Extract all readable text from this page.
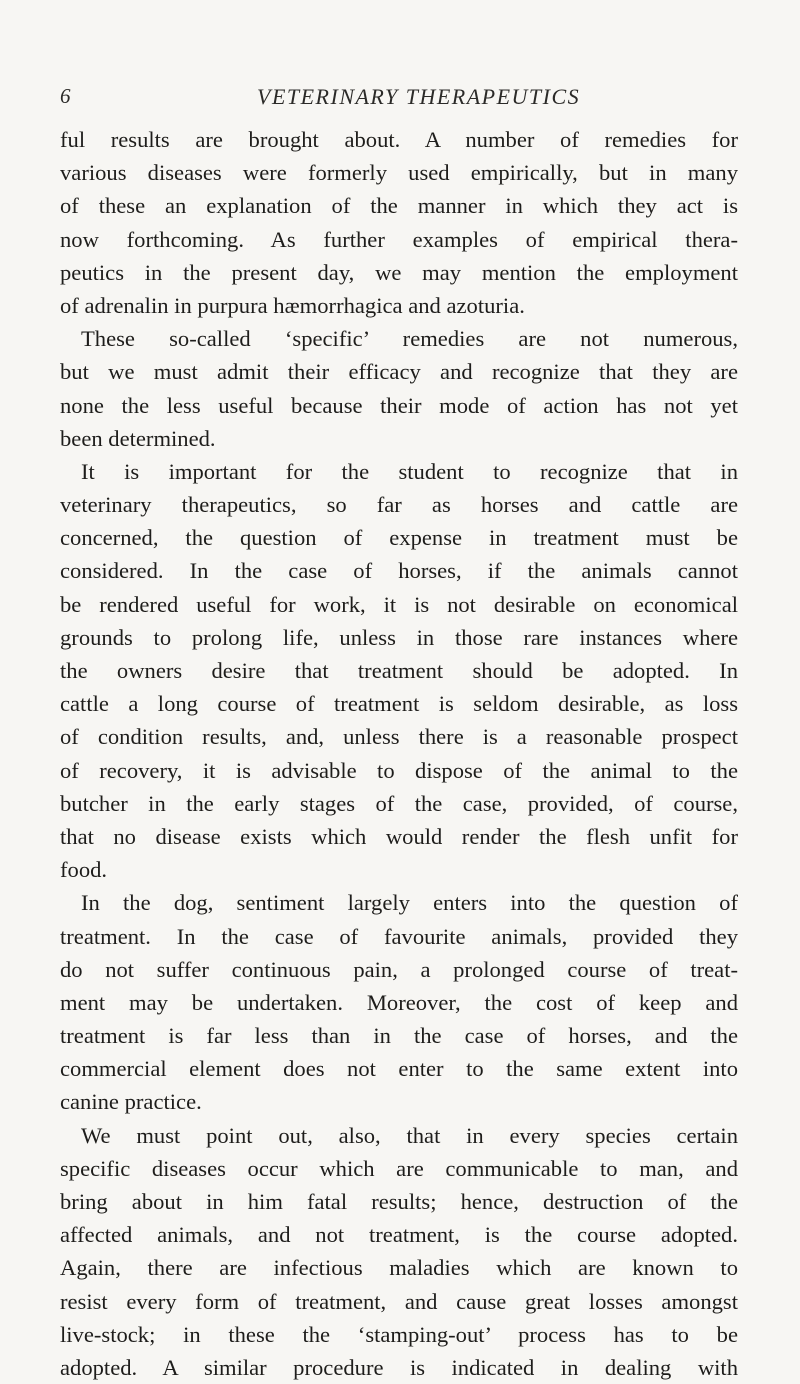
6	VETERINARY THERAPEUTICS
ful results are brought about. A number of remedies for
various diseases were formerly used empirically, but in many
of these an explanation of the manner in which they act is
now forthcoming. As further examples of empirical thera-
peutics in the present day, we may mention the employment
of adrenalin in purpura hæmorrhagica and azoturia.
These so-called ‘specific’ remedies are not numerous,
but we must admit their efficacy and recognize that they are
none the less useful because their mode of action has not yet
been determined.
It is important for the student to recognize that in
veterinary therapeutics, so far as horses and cattle are
concerned, the question of expense in treatment must be
considered. In the case of horses, if the animals cannot
be rendered useful for work, it is not desirable on economical
grounds to prolong life, unless in those rare instances where
the owners desire that treatment should be adopted. In
cattle a long course of treatment is seldom desirable, as loss
of condition results, and, unless there is a reasonable prospect
of recovery, it is advisable to dispose of the animal to the
butcher in the early stages of the case, provided, of course,
that no disease exists which would render the flesh unfit for
food.
In the dog, sentiment largely enters into the question of
treatment. In the case of favourite animals, provided they
do not suffer continuous pain, a prolonged course of treat-
ment may be undertaken. Moreover, the cost of keep and
treatment is far less than in the case of horses, and the
commercial element does not enter to the same extent into
canine practice.
We must point out, also, that in every species certain
specific diseases occur which are communicable to man, and
bring about in him fatal results; hence, destruction of the
affected animals, and not treatment, is the course adopted.
Again, there are infectious maladies which are known to
resist every form of treatment, and cause great losses amongst
live-stock; in these the ‘stamping-out’ process has to be
adopted. A similar procedure is indicated in dealing with
